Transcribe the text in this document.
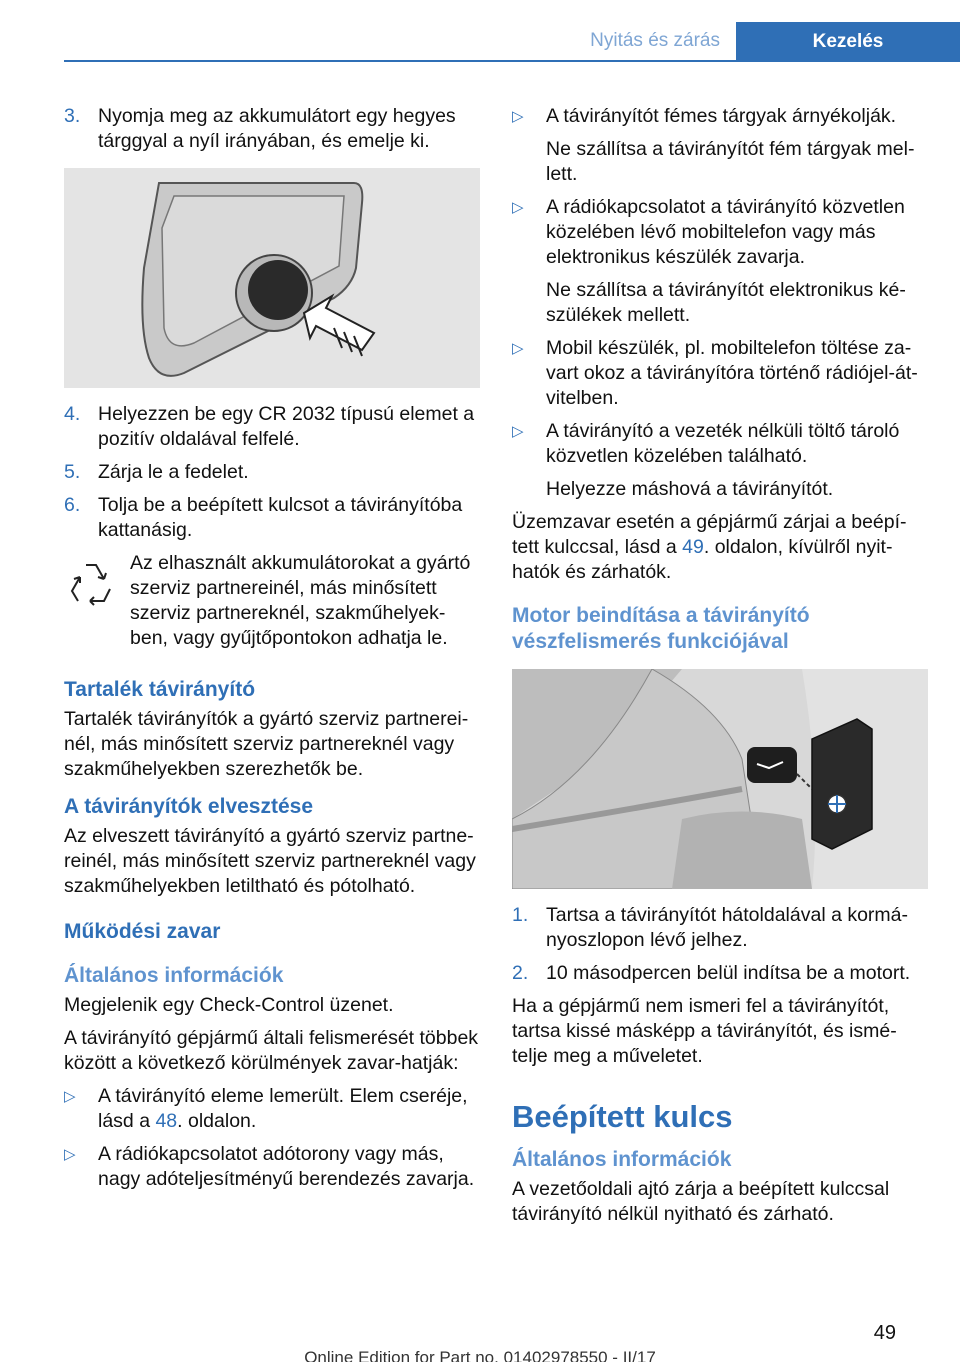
Nyitás és zárás	Kezelés
3. Nyomja meg az akkumulátort egy hegyes tárggyal a nyíl irányában, és emelje ki.
4. Helyezzen be egy CR 2032 típusú elemet a pozitív oldalával felfelé.
5. Zárja le a fedelet.
6. Tolja be a beépített kulcsot a távirányítóba kattanásig.

Az elhasznált akkumulátorokat a gyártó szerviz partnereinél, más minősített szerviz partnereknél, szakműhelyek-ben, vagy gyűjtőpontokon adhatja le.

Tartalék távirányító

Tartalék távirányítók a gyártó szerviz partnerei-nél, más minősített szerviz partnereknél vagy szakműhelyekben szerezhetők be.

A távirányítók elvesztése

Az elveszett távirányító a gyártó szerviz partne-reinél, más minősített szerviz partnereknél vagy szakműhelyekben letiltható és pótolható.

Működési zavar
Általános információk

Megjelenik egy Check-Control üzenet.

A távirányító gépjármű általi felismerését többek között a következő körülmények zavar-hatják:

▷	A távirányító eleme lemerült. Elem cseréje, lásd a 48. oldalon.
▷	A rádiókapcsolatot adótorony vagy más, nagy adóteljesítményű berendezés zavarja.
▷	A távirányítót fémes tárgyak árnyékolják.

Ne szállítsa a távirányítót fém tárgyak mel-lett.

▷	A rádiókapcsolatot a távirányító közvetlen közelében lévő mobiltelefon vagy más elektronikus készülék zavarja.

Ne szállítsa a távirányítót elektronikus ké-szülékek mellett.

▷	Mobil készülék, pl. mobiltelefon töltése za-vart okoz a távirányítóra történő rádiójel-át-vitelben.
▷	A távirányító a vezeték nélküli töltő tároló közvetlen közelében található.

Helyezze máshová a távirányítót.

Üzemzavar esetén a gépjármű zárjai a beépí-tett kulccsal, lásd a 49. oldalon, kívülről nyit-hatók és zárhatók.

Motor beindítása a távirányító vészfelismerés funkciójával
1. Tartsa a távirányítót hátoldalával a kormá-nyoszlopon lévő jelhez.
2. 10 másodpercen belül indítsa be a motort.

Ha a gépjármű nem ismeri fel a távirányítót, tartsa kissé másképp a távirányítót, és ismé-telje meg a műveletet.

Beépített kulcs
Általános információk

A vezetőoldali ajtó zárja a beépített kulccsal távirányító nélkül nyitható és zárható.

49
Online Edition for Part no. 01402978550 - II/17
